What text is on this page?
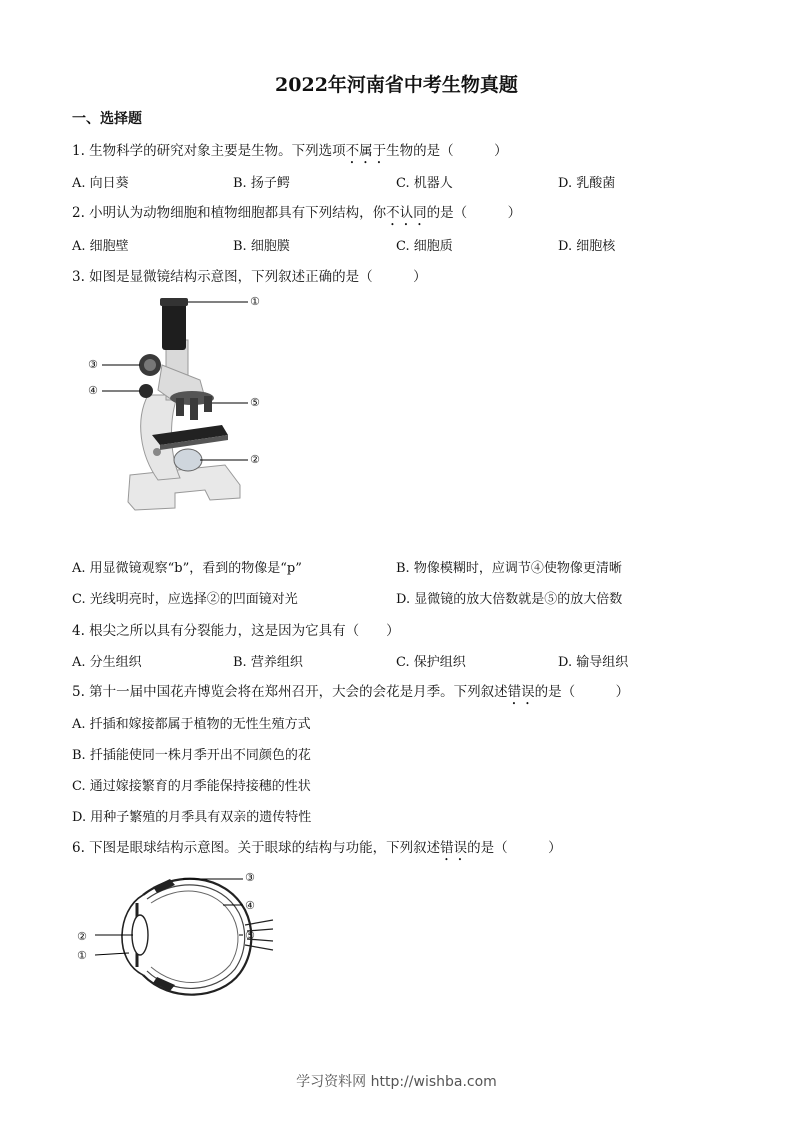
2022年河南省中考生物真题
一、选择题
1. 生物科学的研究对象主要是生物。下列选项不属于生物的是（　　　）
A. 向日葵	B. 扬子鳄	C. 机器人	D. 乳酸菌
2. 小明认为动物细胞和植物细胞都具有下列结构，你不认同的是（　　　）
A. 细胞壁	B. 细胞膜	C. 细胞质	D. 细胞核
3. 如图是显微镜结构示意图，下列叙述正确的是（　　　）
①
②
③
④
⑤
A. 用显微镜观察“b”，看到的物像是“p”	B. 物像模糊时，应调节④使物像更清晰
C. 光线明亮时，应选择②的凹面镜对光	D. 显微镜的放大倍数就是⑤的放大倍数
4. 根尖之所以具有分裂能力，这是因为它具有（　　）
A. 分生组织	B. 营养组织	C. 保护组织	D. 输导组织
5. 第十一届中国花卉博览会将在郑州召开，大会的会花是月季。下列叙述错误的是（　　　）
A. 扦插和嫁接都属于植物的无性生殖方式
B. 扦插能使同一株月季开出不同颜色的花
C. 通过嫁接繁育的月季能保持接穗的性状
D. 用种子繁殖的月季具有双亲的遗传特性
6. 下图是眼球结构示意图。关于眼球的结构与功能，下列叙述错误的是（　　　）
③
④
⑤
②
①
学习资料网 http://wishba.com
